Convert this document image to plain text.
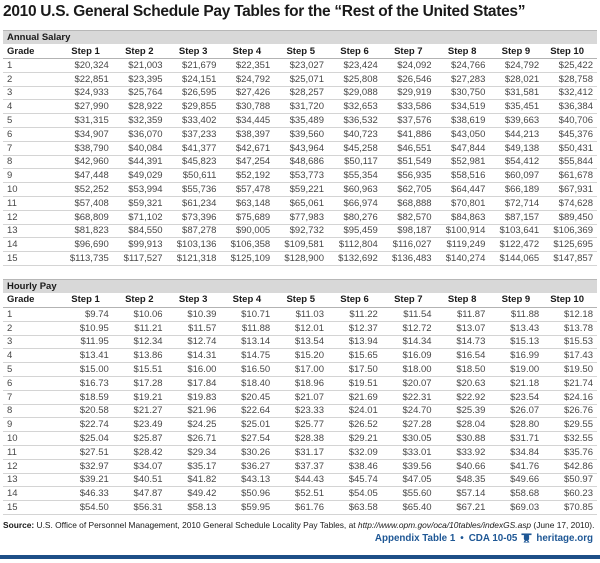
2010 U.S. General Schedule Pay Tables for the “Rest of the United States”
Annual Salary
Grade	Step 1	Step 2	Step 3	Step 4	Step 5	Step 6	Step 7	Step 8	Step 9	Step 10
1	$20,324	$21,003	$21,679	$22,351	$23,027	$23,424	$24,092	$24,766	$24,792	$25,422
2	$22,851	$23,395	$24,151	$24,792	$25,071	$25,808	$26,546	$27,283	$28,021	$28,758
3	$24,933	$25,764	$26,595	$27,426	$28,257	$29,088	$29,919	$30,750	$31,581	$32,412
4	$27,990	$28,922	$29,855	$30,788	$31,720	$32,653	$33,586	$34,519	$35,451	$36,384
5	$31,315	$32,359	$33,402	$34,445	$35,489	$36,532	$37,576	$38,619	$39,663	$40,706
6	$34,907	$36,070	$37,233	$38,397	$39,560	$40,723	$41,886	$43,050	$44,213	$45,376
7	$38,790	$40,084	$41,377	$42,671	$43,964	$45,258	$46,551	$47,844	$49,138	$50,431
8	$42,960	$44,391	$45,823	$47,254	$48,686	$50,117	$51,549	$52,981	$54,412	$55,844
9	$47,448	$49,029	$50,611	$52,192	$53,773	$55,354	$56,935	$58,516	$60,097	$61,678
10	$52,252	$53,994	$55,736	$57,478	$59,221	$60,963	$62,705	$64,447	$66,189	$67,931
11	$57,408	$59,321	$61,234	$63,148	$65,061	$66,974	$68,888	$70,801	$72,714	$74,628
12	$68,809	$71,102	$73,396	$75,689	$77,983	$80,276	$82,570	$84,863	$87,157	$89,450
13	$81,823	$84,550	$87,278	$90,005	$92,732	$95,459	$98,187	$100,914	$103,641	$106,369
14	$96,690	$99,913	$103,136	$106,358	$109,581	$112,804	$116,027	$119,249	$122,472	$125,695
15	$113,735	$117,527	$121,318	$125,109	$128,900	$132,692	$136,483	$140,274	$144,065	$147,857
Hourly Pay
Grade	Step 1	Step 2	Step 3	Step 4	Step 5	Step 6	Step 7	Step 8	Step 9	Step 10
1	$9.74	$10.06	$10.39	$10.71	$11.03	$11.22	$11.54	$11.87	$11.88	$12.18
2	$10.95	$11.21	$11.57	$11.88	$12.01	$12.37	$12.72	$13.07	$13.43	$13.78
3	$11.95	$12.34	$12.74	$13.14	$13.54	$13.94	$14.34	$14.73	$15.13	$15.53
4	$13.41	$13.86	$14.31	$14.75	$15.20	$15.65	$16.09	$16.54	$16.99	$17.43
5	$15.00	$15.51	$16.00	$16.50	$17.00	$17.50	$18.00	$18.50	$19.00	$19.50
6	$16.73	$17.28	$17.84	$18.40	$18.96	$19.51	$20.07	$20.63	$21.18	$21.74
7	$18.59	$19.21	$19.83	$20.45	$21.07	$21.69	$22.31	$22.92	$23.54	$24.16
8	$20.58	$21.27	$21.96	$22.64	$23.33	$24.01	$24.70	$25.39	$26.07	$26.76
9	$22.74	$23.49	$24.25	$25.01	$25.77	$26.52	$27.28	$28.04	$28.80	$29.55
10	$25.04	$25.87	$26.71	$27.54	$28.38	$29.21	$30.05	$30.88	$31.71	$32.55
11	$27.51	$28.42	$29.34	$30.26	$31.17	$32.09	$33.01	$33.92	$34.84	$35.76
12	$32.97	$34.07	$35.17	$36.27	$37.37	$38.46	$39.56	$40.66	$41.76	$42.86
13	$39.21	$40.51	$41.82	$43.13	$44.43	$45.74	$47.05	$48.35	$49.66	$50.97
14	$46.33	$47.87	$49.42	$50.96	$52.51	$54.05	$55.60	$57.14	$58.68	$60.23
15	$54.50	$56.31	$58.13	$59.95	$61.76	$63.58	$65.40	$67.21	$69.03	$70.85
Source: U.S. Office of Personnel Management, 2010 General Schedule Locality Pay Tables, at http://www.opm.gov/oca/10tables/indexGS.asp (June 17, 2010).
Appendix Table 1 • CDA 10-05 heritage.org
